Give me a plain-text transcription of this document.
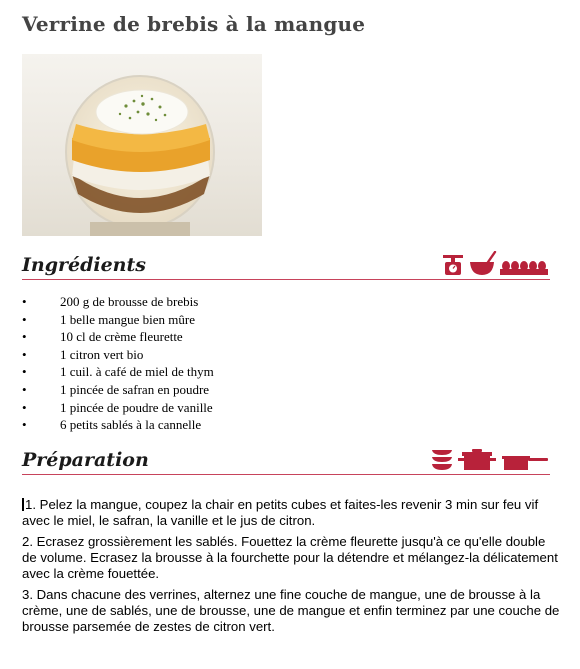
Verrine de brebis à la mangue
Ingrédients
•	200 g de brousse de brebis
•	1 belle mangue bien mûre
•	10 cl de crème fleurette
•	1 citron vert bio
•	1 cuil. à café de miel de thym
•	1 pincée de safran en poudre
•	1 pincée de poudre de vanille
•	6 petits sablés à la cannelle
Préparation

1. Pelez la mangue, coupez la chair en petits cubes et faites-les revenir 3 min sur feu vif avec le miel, le safran, la vanille et le jus de citron.

2. Ecrasez grossièrement les sablés. Fouettez la crème fleurette jusqu'à ce qu'elle double de volume. Ecrasez la brousse à la fourchette pour la détendre et mélangez-la délicatement avec la crème fouettée.

3. Dans chacune des verrines, alternez une fine couche de mangue, une de brousse à la crème, une de sablés, une de brousse, une de mangue et enfin terminez par une couche de brousse parsemée de zestes de citron vert.
